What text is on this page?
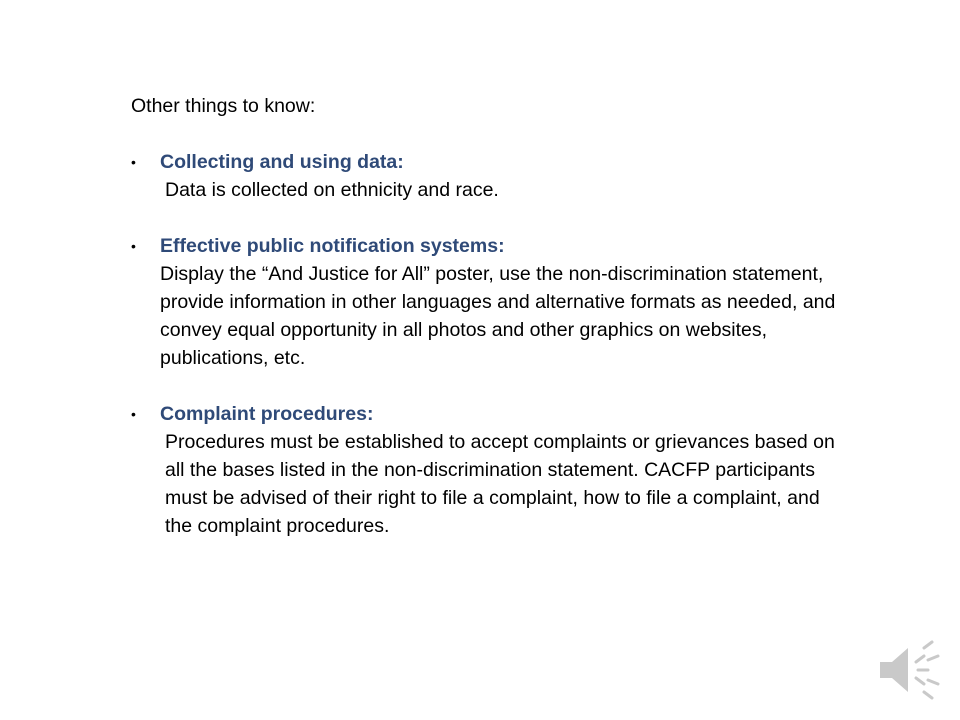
Other things to know:

•	Collecting and using data:

Data is collected on ethnicity and race.

•	Effective public notification systems:

Display the “And Justice for All” poster, use the non-discrimination statement, provide information in other languages and alternative formats as needed, and convey equal opportunity in all photos and other graphics on websites, publications, etc.

•	Complaint procedures:

Procedures must be established to accept complaints or grievances based on all the bases listed in the non-discrimination statement. CACFP participants must be advised of their right to file a complaint, how to file a complaint, and the complaint procedures.
